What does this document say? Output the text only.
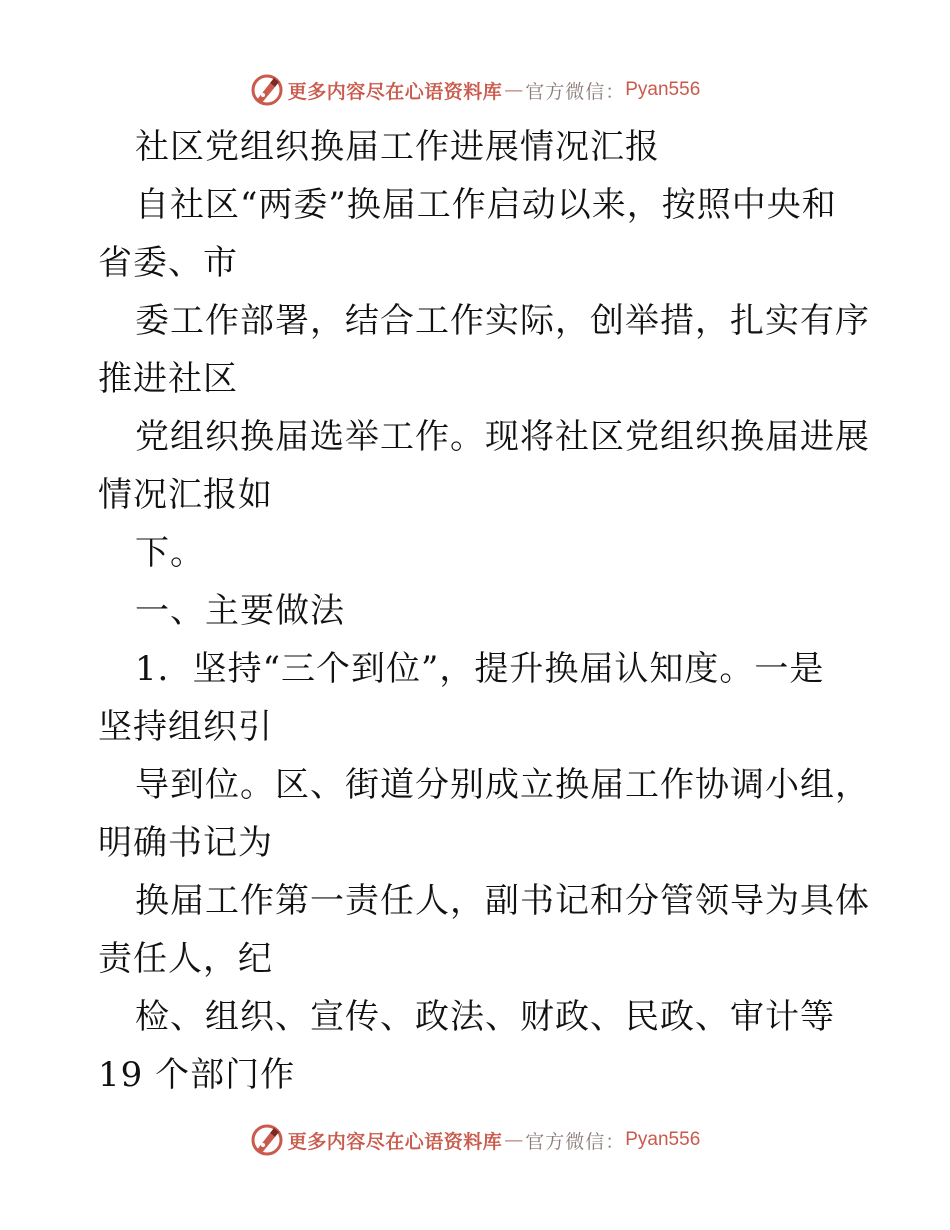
更多内容尽在心语资料库 — 官方微信： Pyan556
社区党组织换届工作进展情况汇报
自社区“两委”换届工作启动以来，按照中央和
省委、市
委工作部署，结合工作实际，创举措，扎实有序
推进社区
党组织换届选举工作。现将社区党组织换届进展
情况汇报如
下。
一、主要做法
1．坚持“三个到位”，提升换届认知度。一是
坚持组织引
导到位。区、街道分别成立换届工作协调小组，
明确书记为
换届工作第一责任人，副书记和分管领导为具体
责任人，纪
检、组织、宣传、政法、财政、民政、审计等
19 个部门作
更多内容尽在心语资料库 — 官方微信： Pyan556
